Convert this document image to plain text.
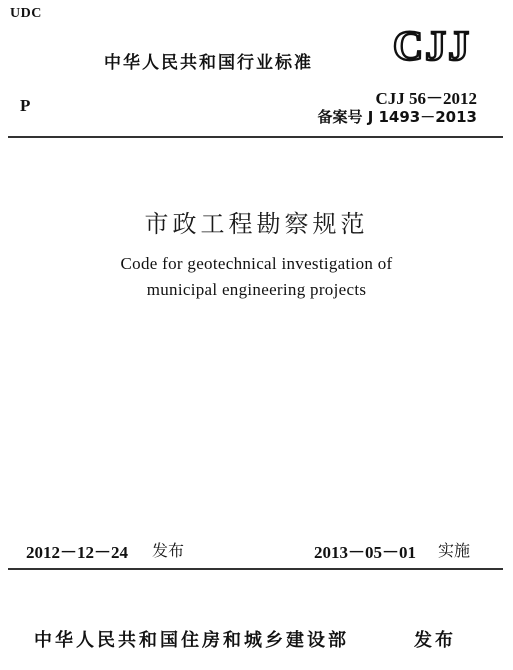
UDC
P
中华人民共和国行业标准 CJJ
CJJ 56－2012
备案号 J 1493－2013
市政工程勘察规范
Code for geotechnical investigation of
municipal engineering projects
2012－12－24 发布	2013－05－01 实施
中华人民共和国住房和城乡建设部	发布
